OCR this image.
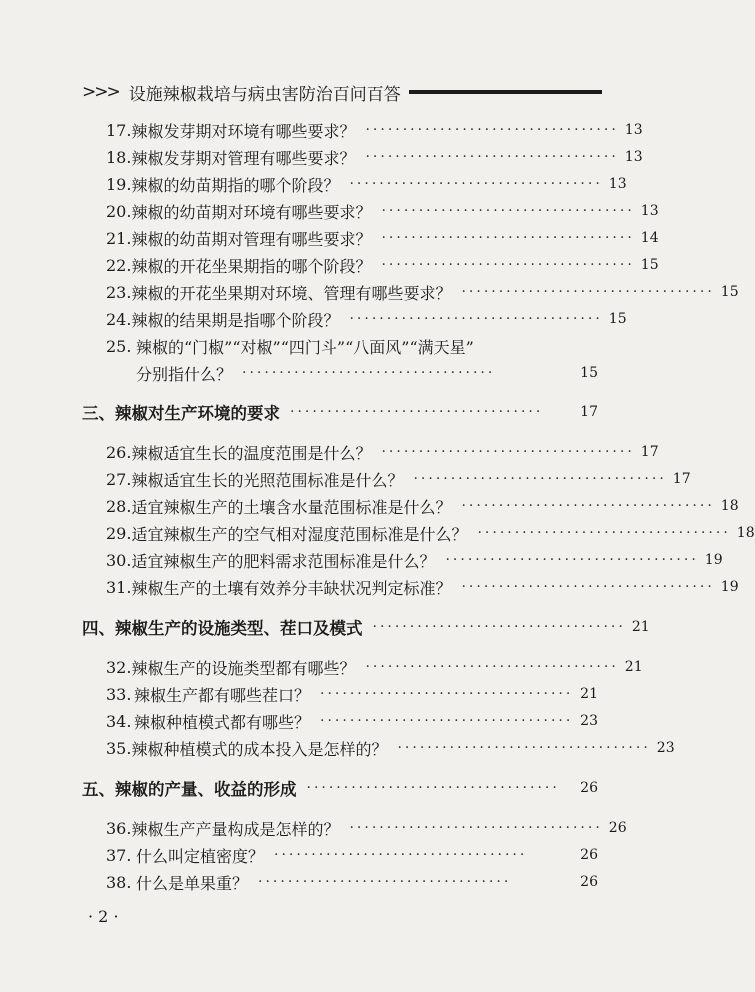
>>> 设施辣椒栽培与病虫害防治百问百答
17. 辣椒发芽期对环境有哪些要求？ ·································· 13
18. 辣椒发芽期对管理有哪些要求？ ·································· 13
19. 辣椒的幼苗期指的哪个阶段？ ·································· 13
20. 辣椒的幼苗期对环境有哪些要求？ ·································· 13
21. 辣椒的幼苗期对管理有哪些要求？ ·································· 14
22. 辣椒的开花坐果期指的哪个阶段？ ·································· 15
23. 辣椒的开花坐果期对环境、管理有哪些要求？ ·································· 15
24. 辣椒的结果期是指哪个阶段？ ·································· 15
25. 辣椒的“门椒”“对椒”“四门斗”“八面风”“满天星”
分别指什么？ ··································	15
三、辣椒对生产环境的要求 ··································	17
26. 辣椒适宜生长的温度范围是什么？ ·································· 17
27. 辣椒适宜生长的光照范围标准是什么？ ·································· 17
28. 适宜辣椒生产的土壤含水量范围标准是什么？ ·································· 18
29. 适宜辣椒生产的空气相对湿度范围标准是什么？ ·································· 18
30. 适宜辣椒生产的肥料需求范围标准是什么？ ·································· 19
31. 辣椒生产的土壤有效养分丰缺状况判定标准？ ·································· 19
四、辣椒生产的设施类型、茬口及模式 ·································· 21
32. 辣椒生产的设施类型都有哪些？ ·································· 21
33. 辣椒生产都有哪些茬口？ ·································· 21
34. 辣椒种植模式都有哪些？ ·································· 23
35. 辣椒种植模式的成本投入是怎样的？ ·································· 23
五、辣椒的产量、收益的形成 ··································	26
36. 辣椒生产产量构成是怎样的？ ·································· 26
37. 什么叫定植密度？ ··································	26
38. 什么是单果重？ ··································	26
· 2 ·
